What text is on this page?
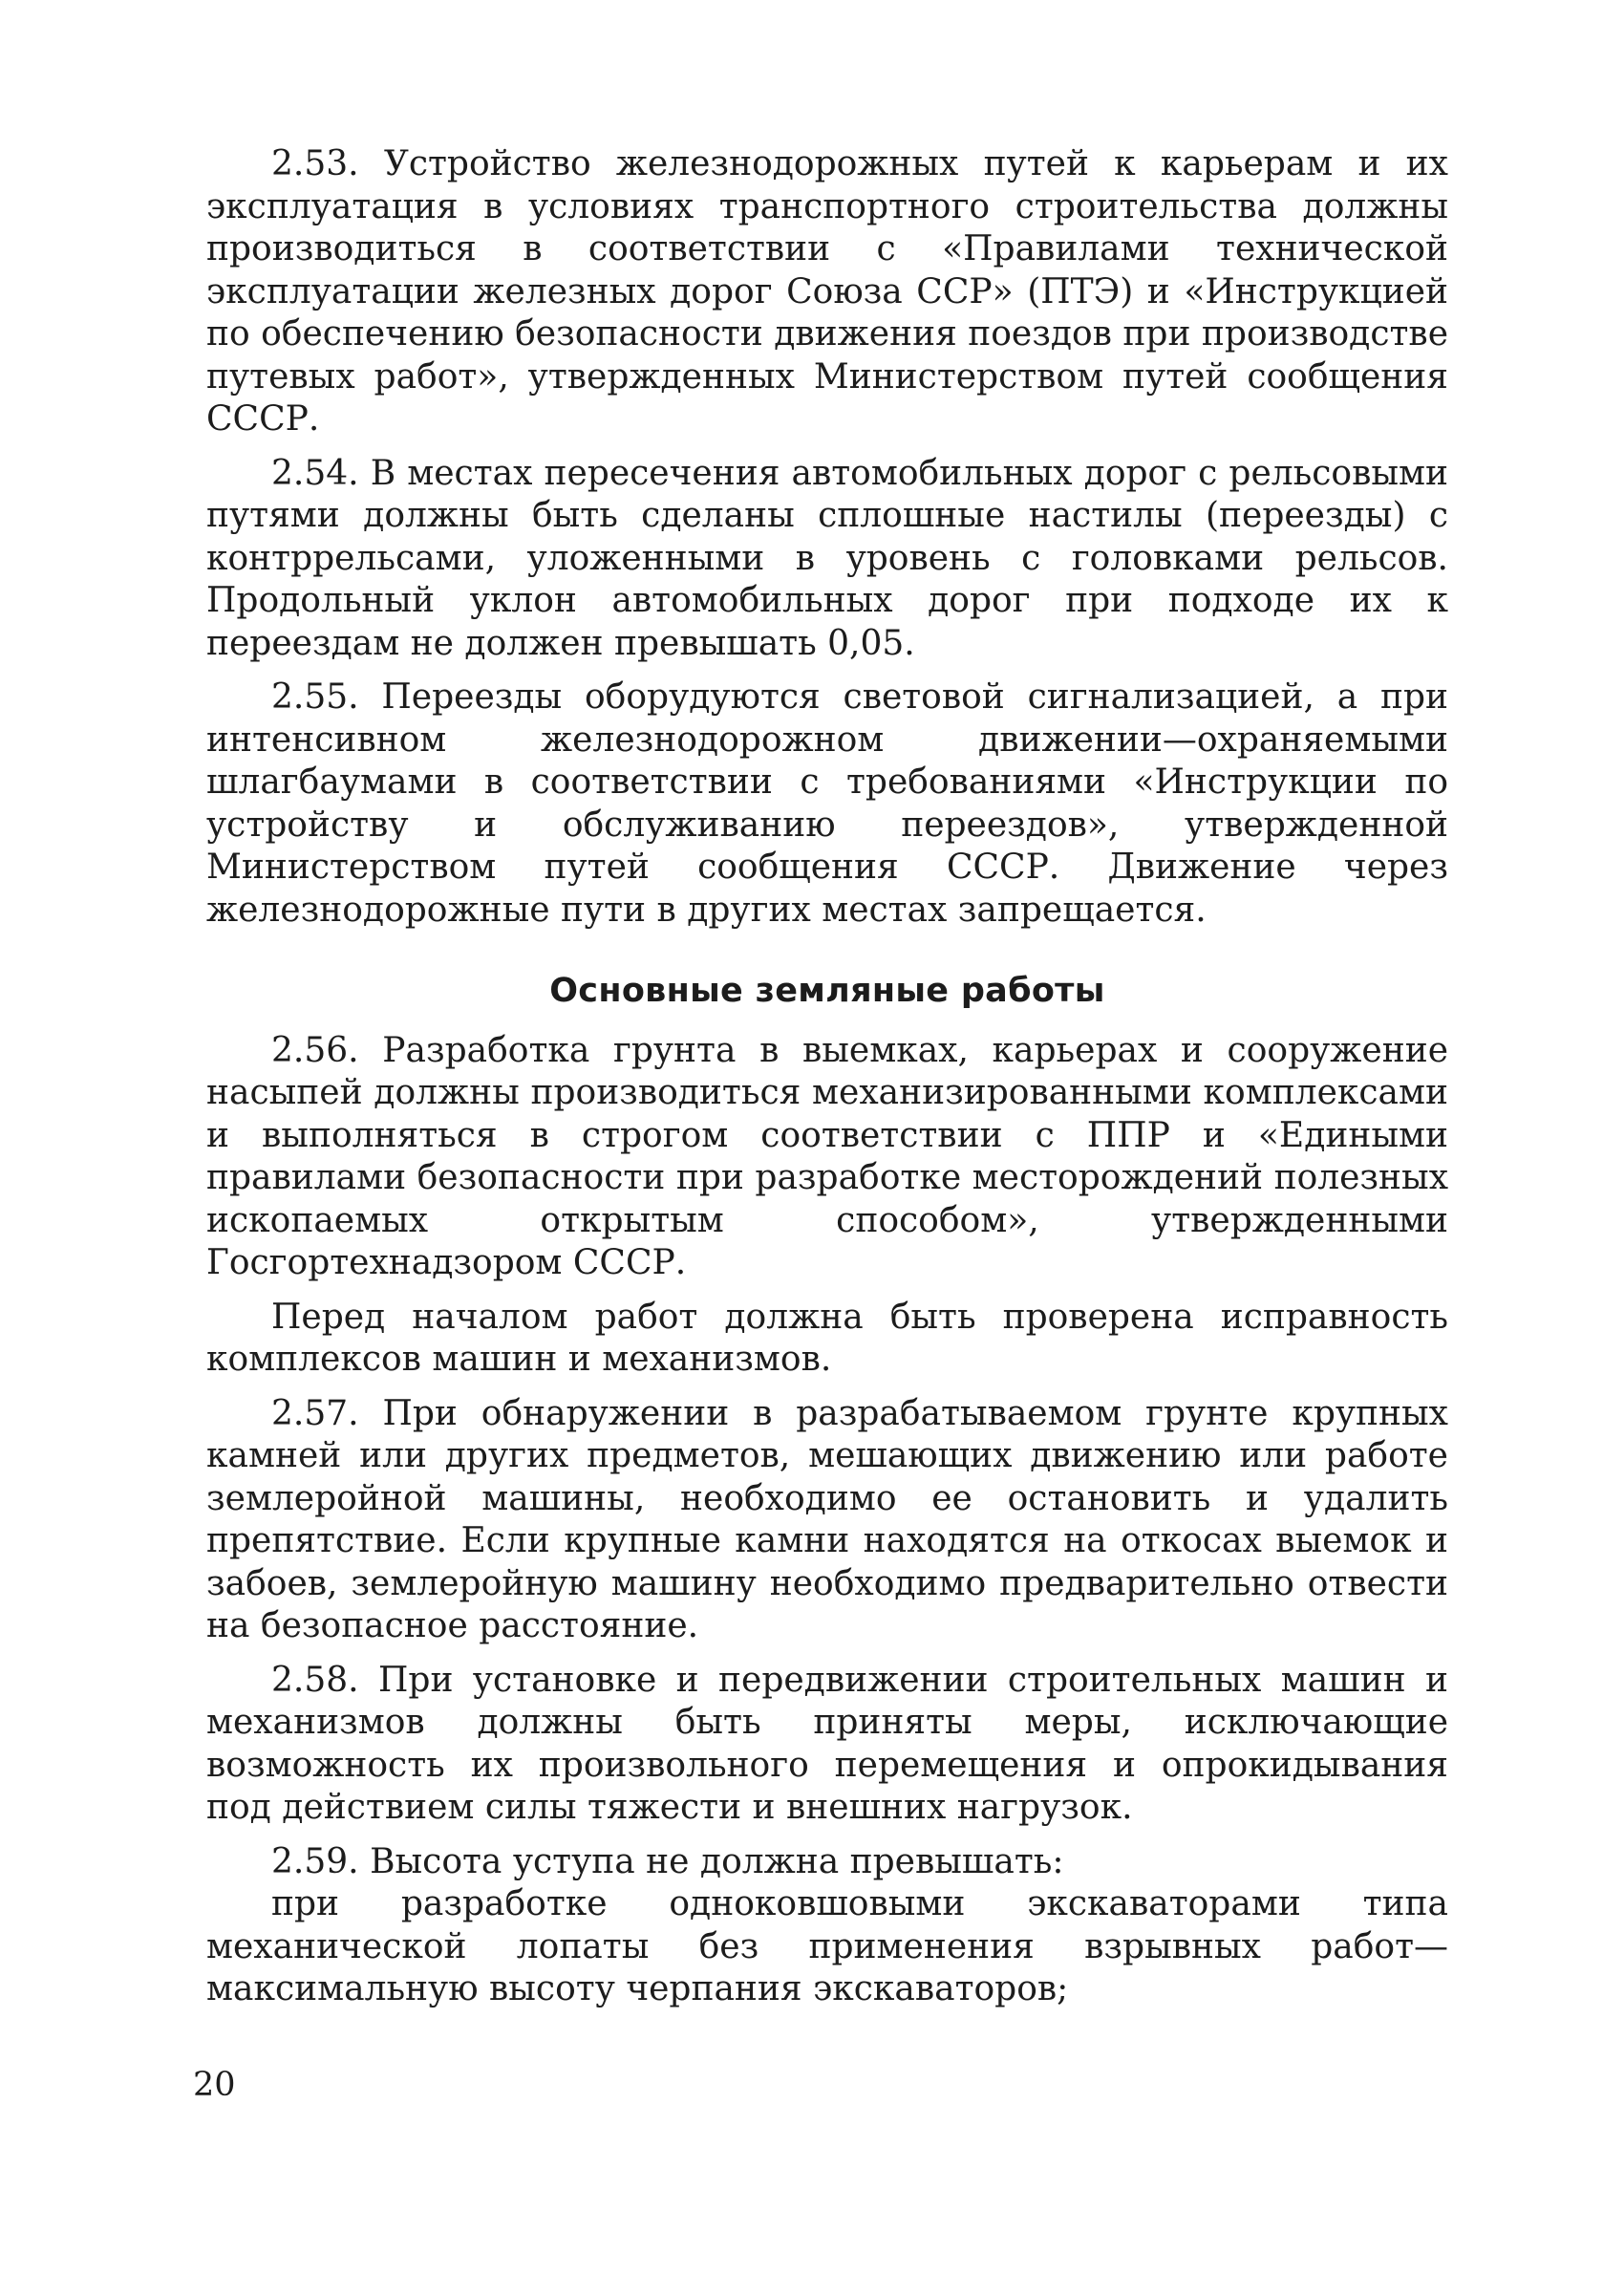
2.53. Устройство железнодорожных путей к карьерам и их эксплуатация в условиях транспортного строительства должны производиться в соответствии с «Правилами технической эксплуатации железных дорог Союза ССР» (ПТЭ) и «Инструкцией по обеспечению безопасности движения поездов при производстве путевых работ», утвержденных Министерством путей сообщения СССР.

2.54. В местах пересечения автомобильных дорог с рельсовыми путями должны быть сделаны сплошные настилы (переезды) с контррельсами, уложенными в уровень с головками рельсов. Продольный уклон автомобильных дорог при подходе их к переездам не должен превышать 0,05.

2.55. Переезды оборудуются световой сигнализацией, а при интенсивном железнодорожном движении—охраняемыми шлагбаумами в соответствии с требованиями «Инструкции по устройству и обслуживанию переездов», утвержденной Министерством путей сообщения СССР. Движение через железнодорожные пути в других местах запрещается.

Основные земляные работы

2.56. Разработка грунта в выемках, карьерах и сооружение насыпей должны производиться механизированными комплексами и выполняться в строгом соответствии с ППР и «Едиными правилами безопасности при разработке месторождений полезных ископаемых открытым способом», утвержденными Госгортехнадзором СССР.

Перед началом работ должна быть проверена исправность комплексов машин и механизмов.

2.57. При обнаружении в разрабатываемом грунте крупных камней или других предметов, мешающих движению или работе землеройной машины, необходимо ее остановить и удалить препятствие. Если крупные камни находятся на откосах выемок и забоев, землеройную машину необходимо предварительно отвести на безопасное расстояние.

2.58. При установке и передвижении строительных машин и механизмов должны быть приняты меры, исключающие возможность их произвольного перемещения и опрокидывания под действием силы тяжести и внешних нагрузок.

2.59. Высота уступа не должна превышать:

при разработке одноковшовыми экскаваторами типа механической лопаты без применения взрывных работ—максимальную высоту черпания экскаваторов;

20
